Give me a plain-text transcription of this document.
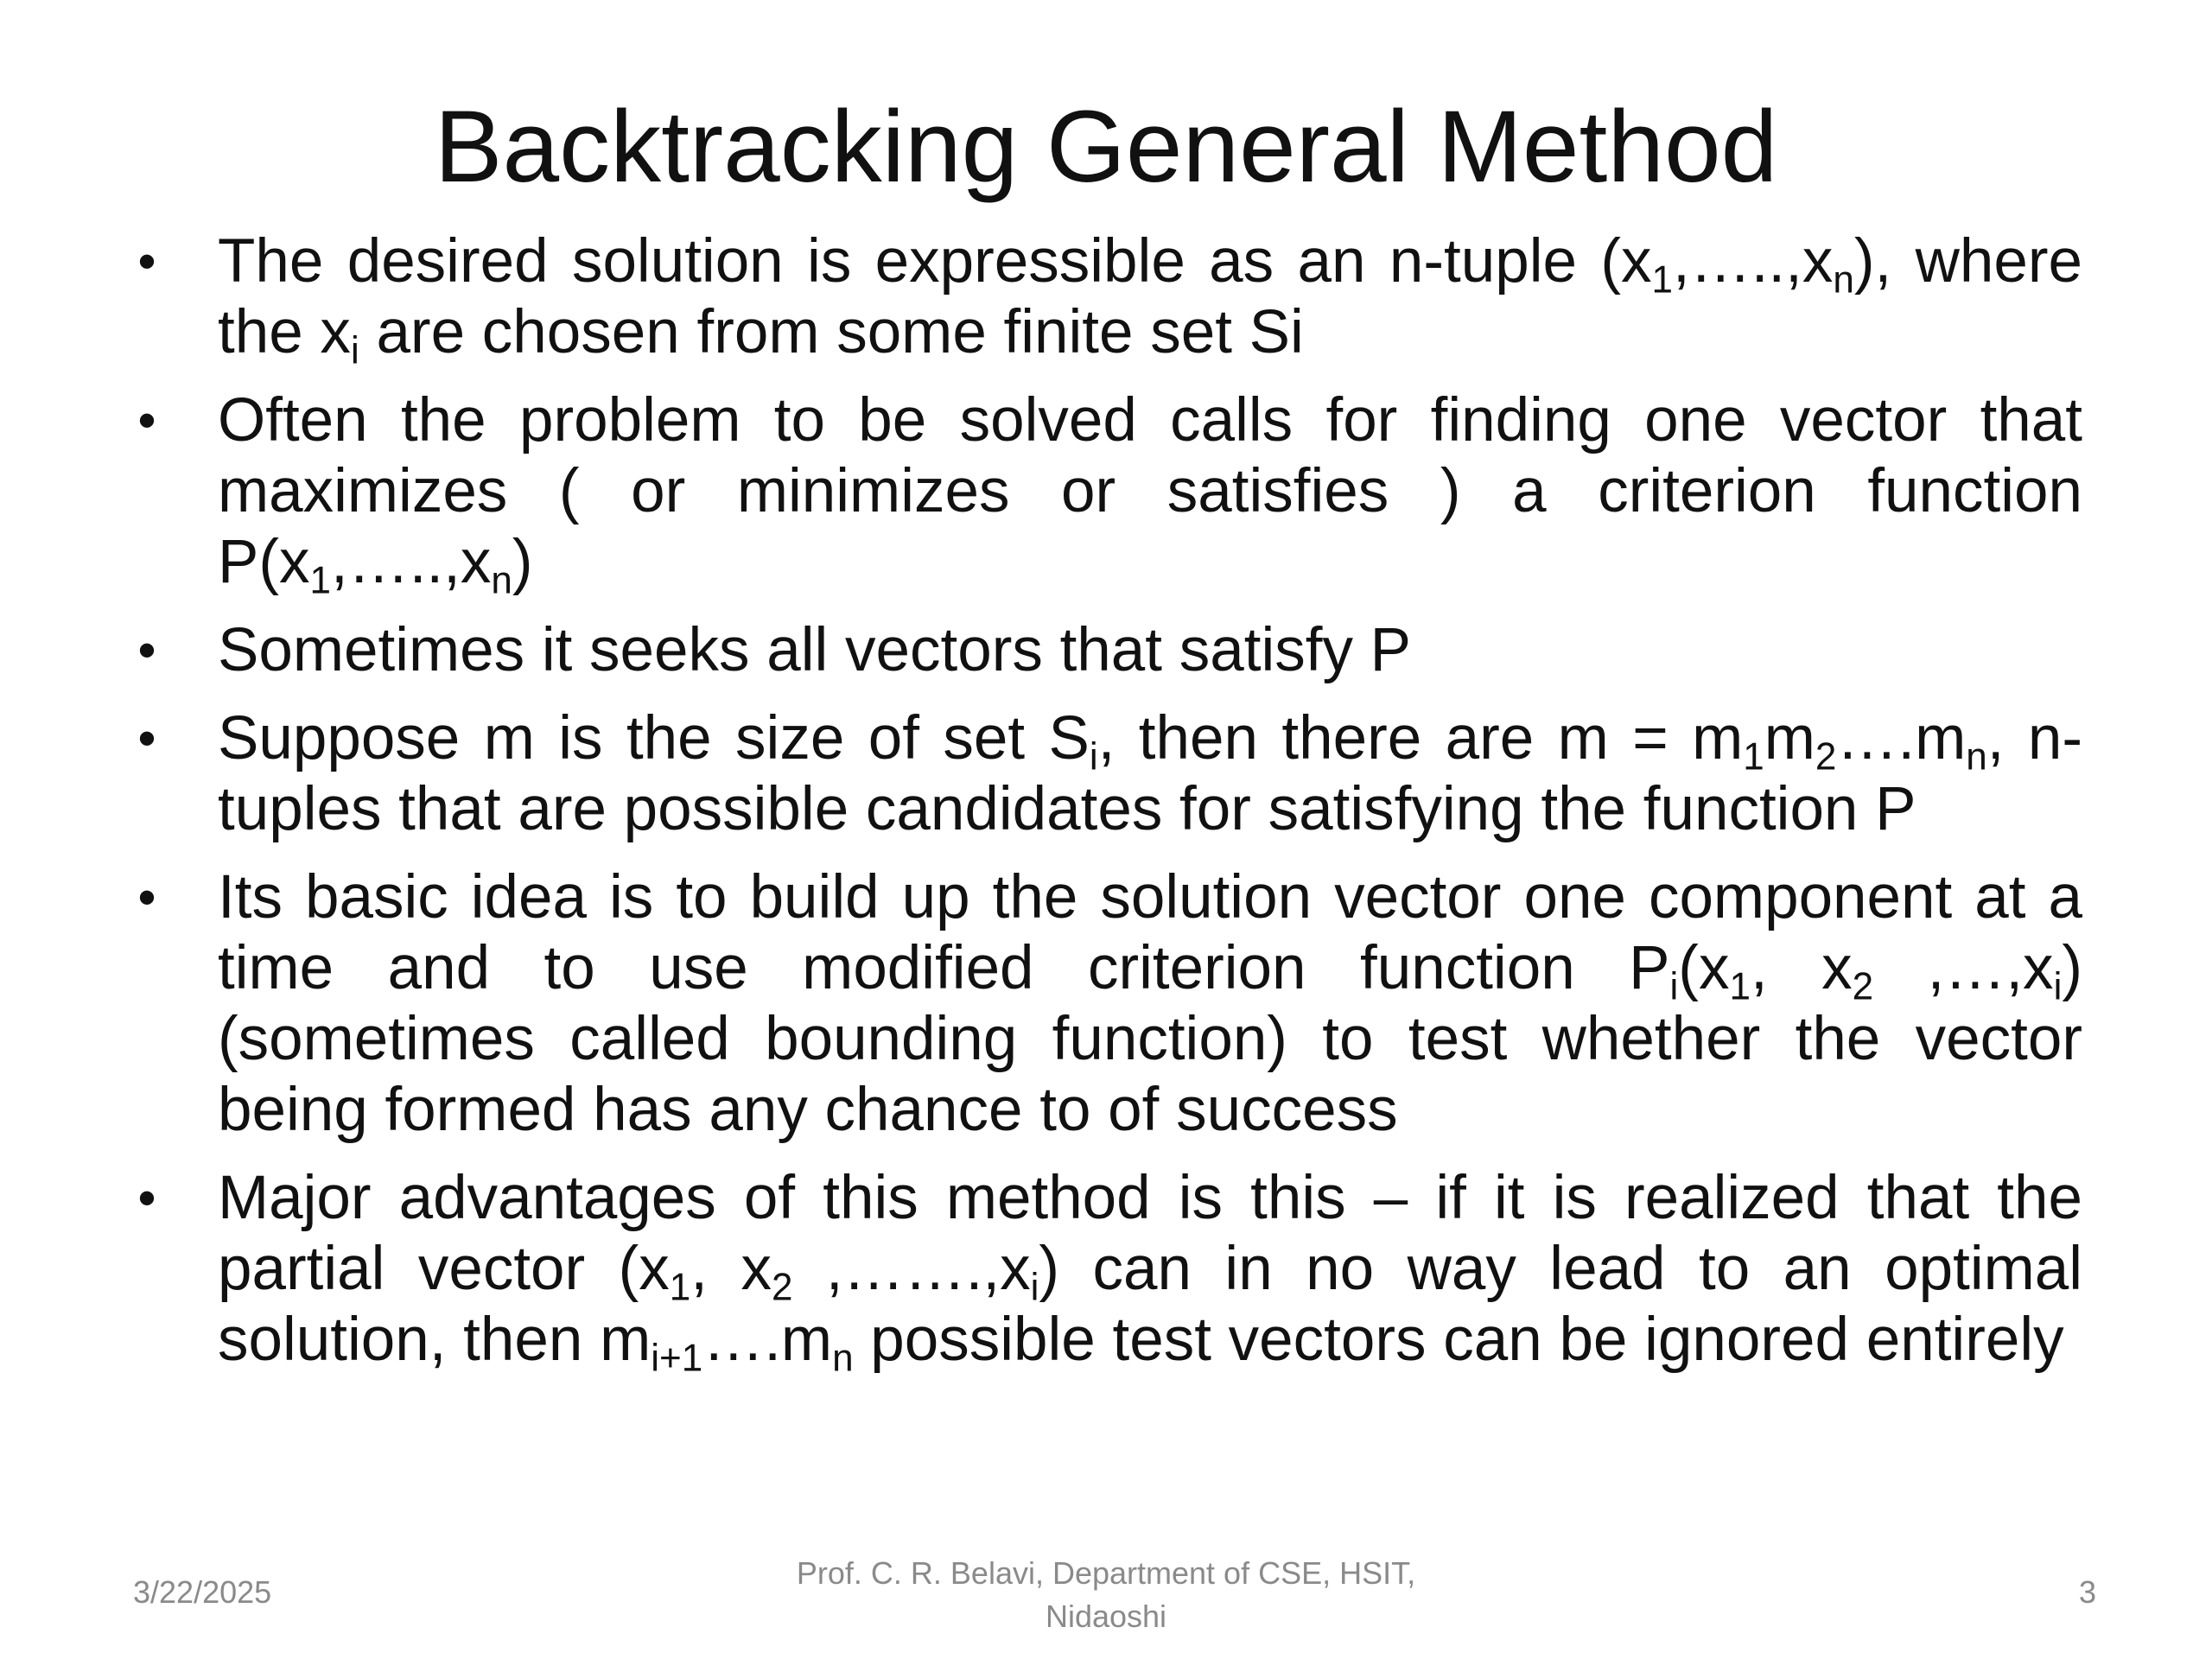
Backtracking General Method
• The desired solution is expressible as an n-tuple $(x_1,\dots..,x_n)$, where the $x_i$ are chosen from some finite set Si
• Often the problem to be solved calls for finding one vector that maximizes ( or minimizes or satisfies ) a criterion function $P(x_1,\dots..,x_n)$
• Sometimes it seeks all vectors that satisfy P
• Suppose m is the size of set $S_i$, then there are $m = m_1m_2\dots.m_n$, n-tuples that are possible candidates for satisfying the function P
• Its basic idea is to build up the solution vector one component at a time and to use modified criterion function $P_i(x_1$, $x_2$ $,\dots,x_i$) (sometimes called bounding function) to test whether the vector being formed has any chance to of success
• Major advantages of this method is this – if it is realized that the partial vector ($x_1$, $x_2$ $,\dots\dots.,x_i$) can in no way lead to an optimal solution, then $m_{i+1}\dots.m_n$ possible test vectors can be ignored entirely
3/22/2025
Prof. C. R. Belavi, Department of CSE, HSIT,
Nidaoshi
3
